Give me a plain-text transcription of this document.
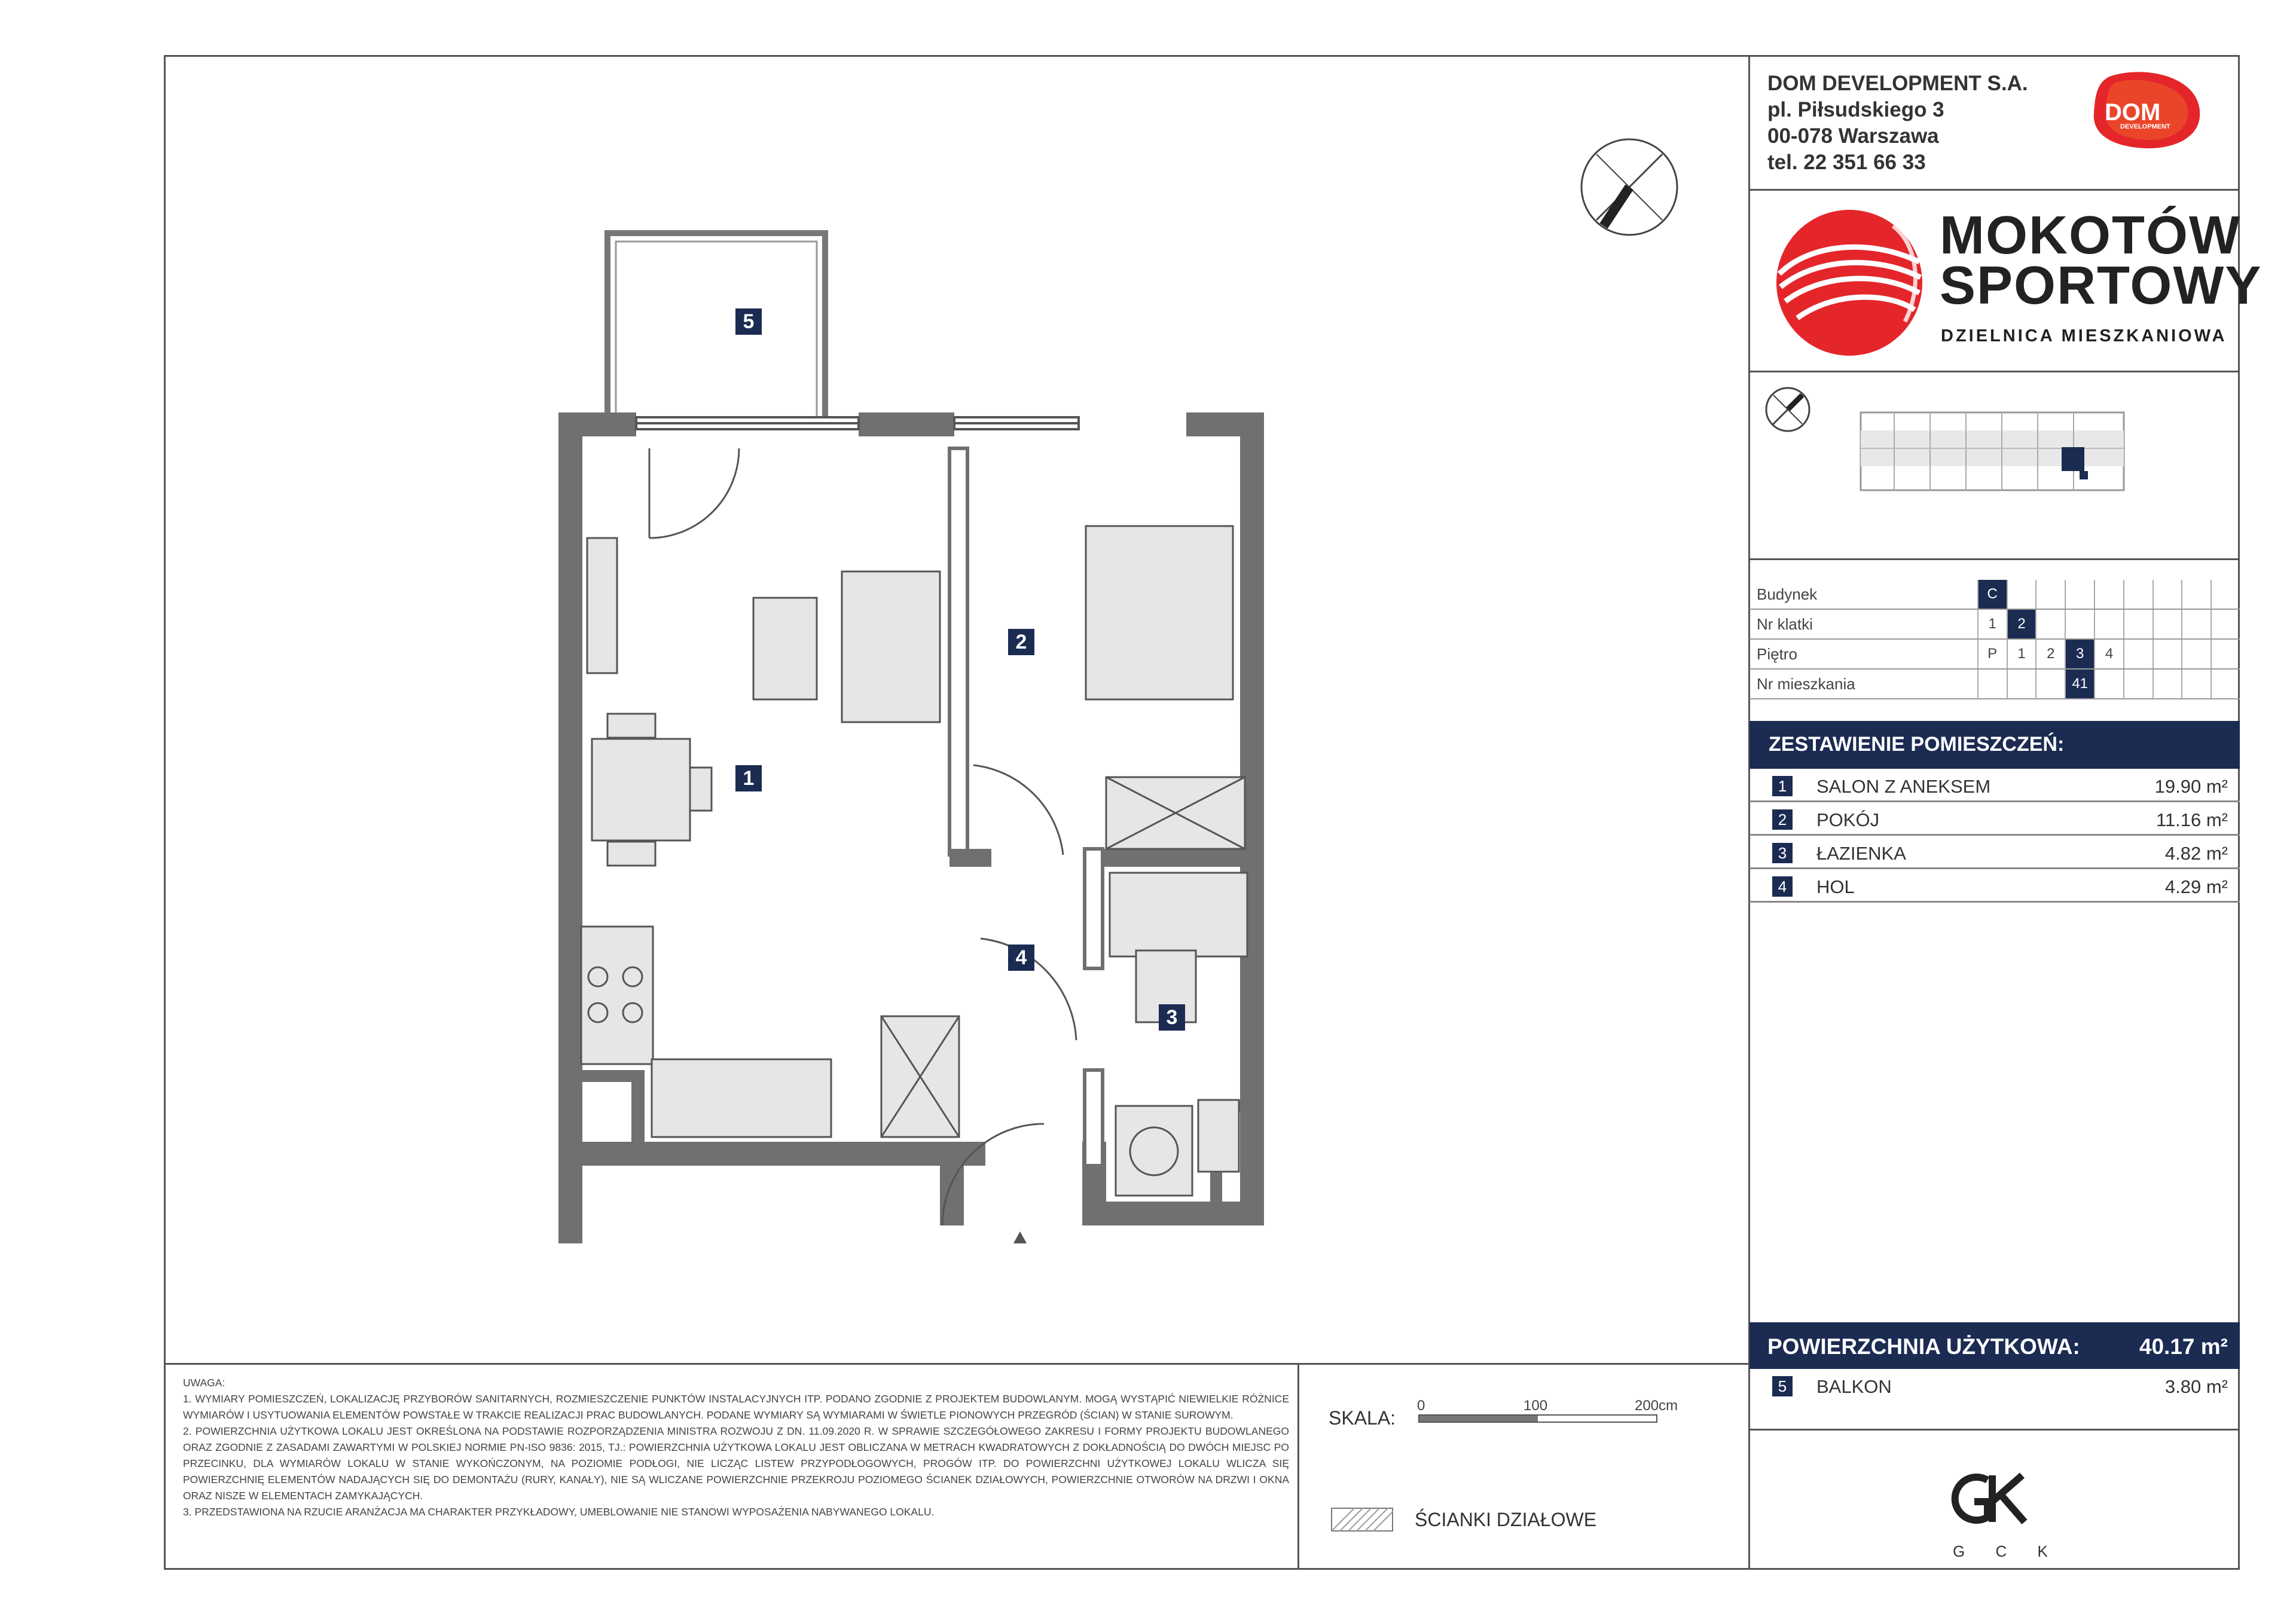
DOM DEVELOPMENT S.A.
pl. Piłsudskiego 3
00-078 Warszawa
tel. 22 351 66 33
DOM
DEVELOPMENT
MOKOTÓW
SPORTOWY
DZIELNICA MIESZKANIOWA
Budynek	C								
Nr klatki	1	2							
Piętro	P	1	2	3	4				
Nr mieszkania				41					
ZESTAWIENIE POMIESZCZEŃ:
1	SALON Z ANEKSEM	19.90 m²
2	POKÓJ	11.16 m²
3	ŁAZIENKA	4.82 m²
4	HOL	4.29 m²
POWIERZCHNIA UŻYTKOWA:	40.17 m²
5	BALKON	3.80 m²
G C K
SKALA:
0	100	200cm
ŚCIANKI DZIAŁOWE

UWAGA:

1. WYMIARY POMIESZCZEŃ, LOKALIZACJĘ PRZYBORÓW SANITARNYCH, ROZMIESZCZENIE PUNKTÓW INSTALACYJNYCH ITP. PODANO ZGODNIE Z PROJEKTEM BUDOWLANYM. MOGĄ WYSTĄPIĆ NIEWIELKIE RÓŻNICE WYMIARÓW I USYTUOWANIA ELEMENTÓW POWSTAŁE W TRAKCIE REALIZACJI PRAC BUDOWLANYCH. PODANE WYMIARY SĄ WYMIARAMI W ŚWIETLE PIONOWYCH PRZEGRÓD (ŚCIAN) W STANIE SUROWYM.

2. POWIERZCHNIA UŻYTKOWA LOKALU JEST OKREŚLONA NA PODSTAWIE ROZPORZĄDZENIA MINISTRA ROZWOJU Z DN. 11.09.2020 R. W SPRAWIE SZCZEGÓŁOWEGO ZAKRESU I FORMY PROJEKTU BUDOWLANEGO ORAZ ZGODNIE Z ZASADAMI ZAWARTYMI W POLSKIEJ NORMIE PN-ISO 9836: 2015, TJ.: POWIERZCHNIA UŻYTKOWA LOKALU JEST OBLICZANA W METRACH KWADRATOWYCH Z DOKŁADNOŚCIĄ DO DWÓCH MIEJSC PO PRZECINKU, DLA WYMIARÓW LOKALU W STANIE WYKOŃCZONYM, NA POZIOMIE PODŁOGI, NIE LICZĄC LISTEW PRZYPODŁOGOWYCH, PROGÓW ITP. DO POWIERZCHNI UŻYTKOWEJ LOKALU WLICZA SIĘ POWIERZCHNIĘ ELEMENTÓW NADAJĄCYCH SIĘ DO DEMONTAŻU (RURY, KANAŁY), NIE SĄ WLICZANE POWIERZCHNIE PRZEKROJU POZIOMEGO ŚCIANEK DZIAŁOWYCH, POWIERZCHNIE OTWORÓW NA DRZWI I OKNA ORAZ NISZE W ELEMENTACH ZAMYKAJĄCYCH.

3. PRZEDSTAWIONA NA RZUCIE ARANŻACJA MA CHARAKTER PRZYKŁADOWY, UMEBLOWANIE NIE STANOWI WYPOSAŻENIA NABYWANEGO LOKALU.

1
2
3
4
5
